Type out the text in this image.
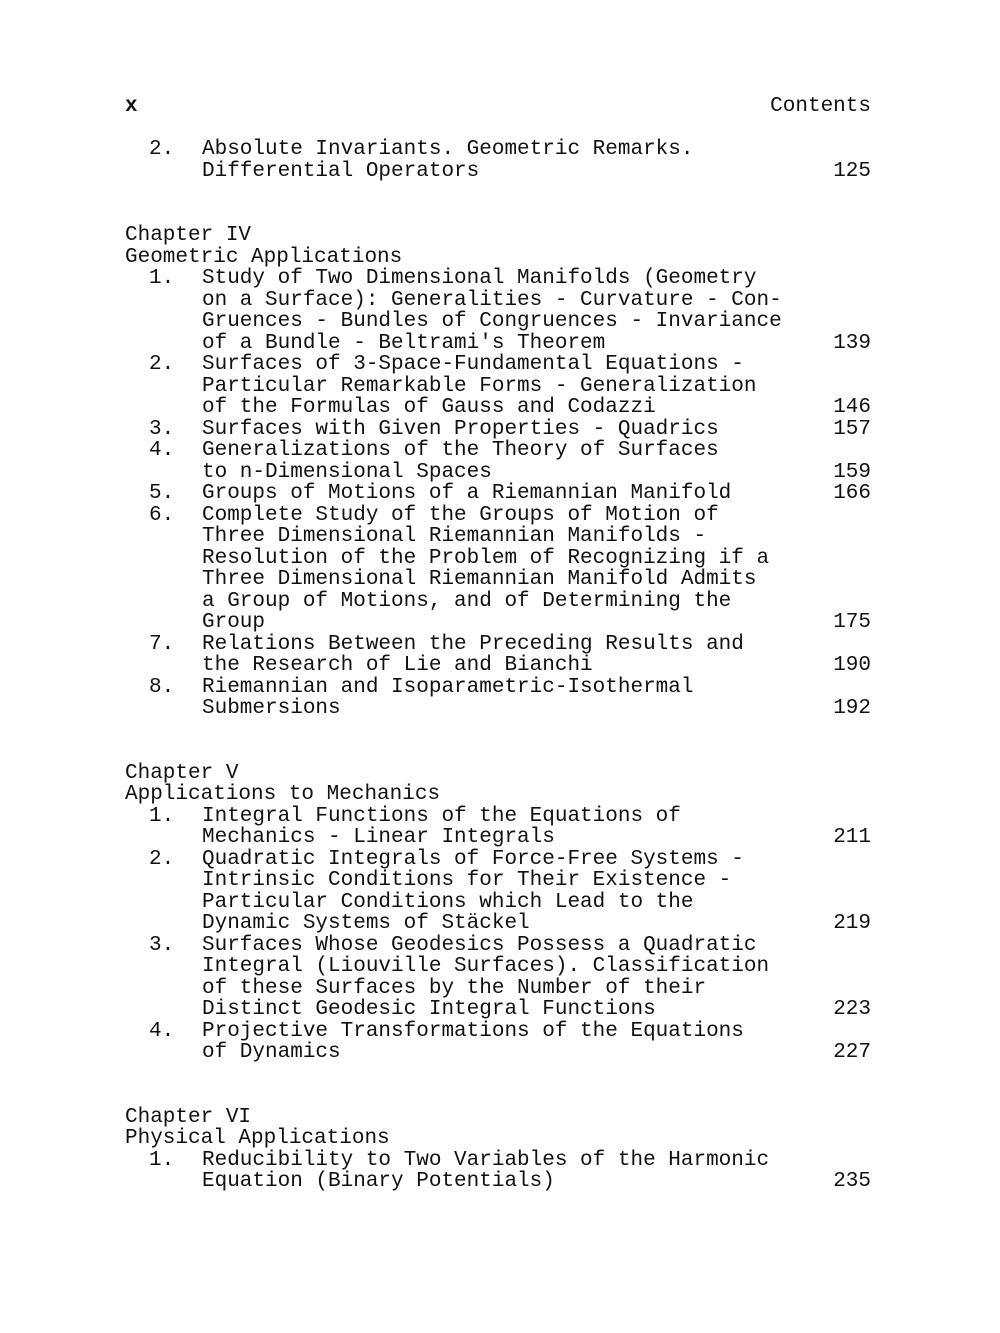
x	Contents
2. Absolute Invariants. Geometric Remarks.
Differential Operators	125
Chapter IV
Geometric Applications
1. Study of Two Dimensional Manifolds (Geometry
on a Surface): Generalities - Curvature - Con-
Gruences - Bundles of Congruences - Invariance
of a Bundle - Beltrami's Theorem	139
2. Surfaces of 3-Space-Fundamental Equations -
Particular Remarkable Forms - Generalization
of the Formulas of Gauss and Codazzi	146
3. Surfaces with Given Properties - Quadrics	157
4. Generalizations of the Theory of Surfaces
to n-Dimensional Spaces	159
5. Groups of Motions of a Riemannian Manifold	166
6. Complete Study of the Groups of Motion of
Three Dimensional Riemannian Manifolds -
Resolution of the Problem of Recognizing if a
Three Dimensional Riemannian Manifold Admits
a Group of Motions, and of Determining the
Group	175
7. Relations Between the Preceding Results and
the Research of Lie and Bianchi	190
8. Riemannian and Isoparametric-Isothermal
Submersions	192
Chapter V
Applications to Mechanics
1. Integral Functions of the Equations of
Mechanics - Linear Integrals	211
2. Quadratic Integrals of Force-Free Systems -
Intrinsic Conditions for Their Existence -
Particular Conditions which Lead to the
Dynamic Systems of Stäckel	219
3. Surfaces Whose Geodesics Possess a Quadratic
Integral (Liouville Surfaces). Classification
of these Surfaces by the Number of their
Distinct Geodesic Integral Functions	223
4. Projective Transformations of the Equations
of Dynamics	227
Chapter VI
Physical Applications
1. Reducibility to Two Variables of the Harmonic
Equation (Binary Potentials)	235
